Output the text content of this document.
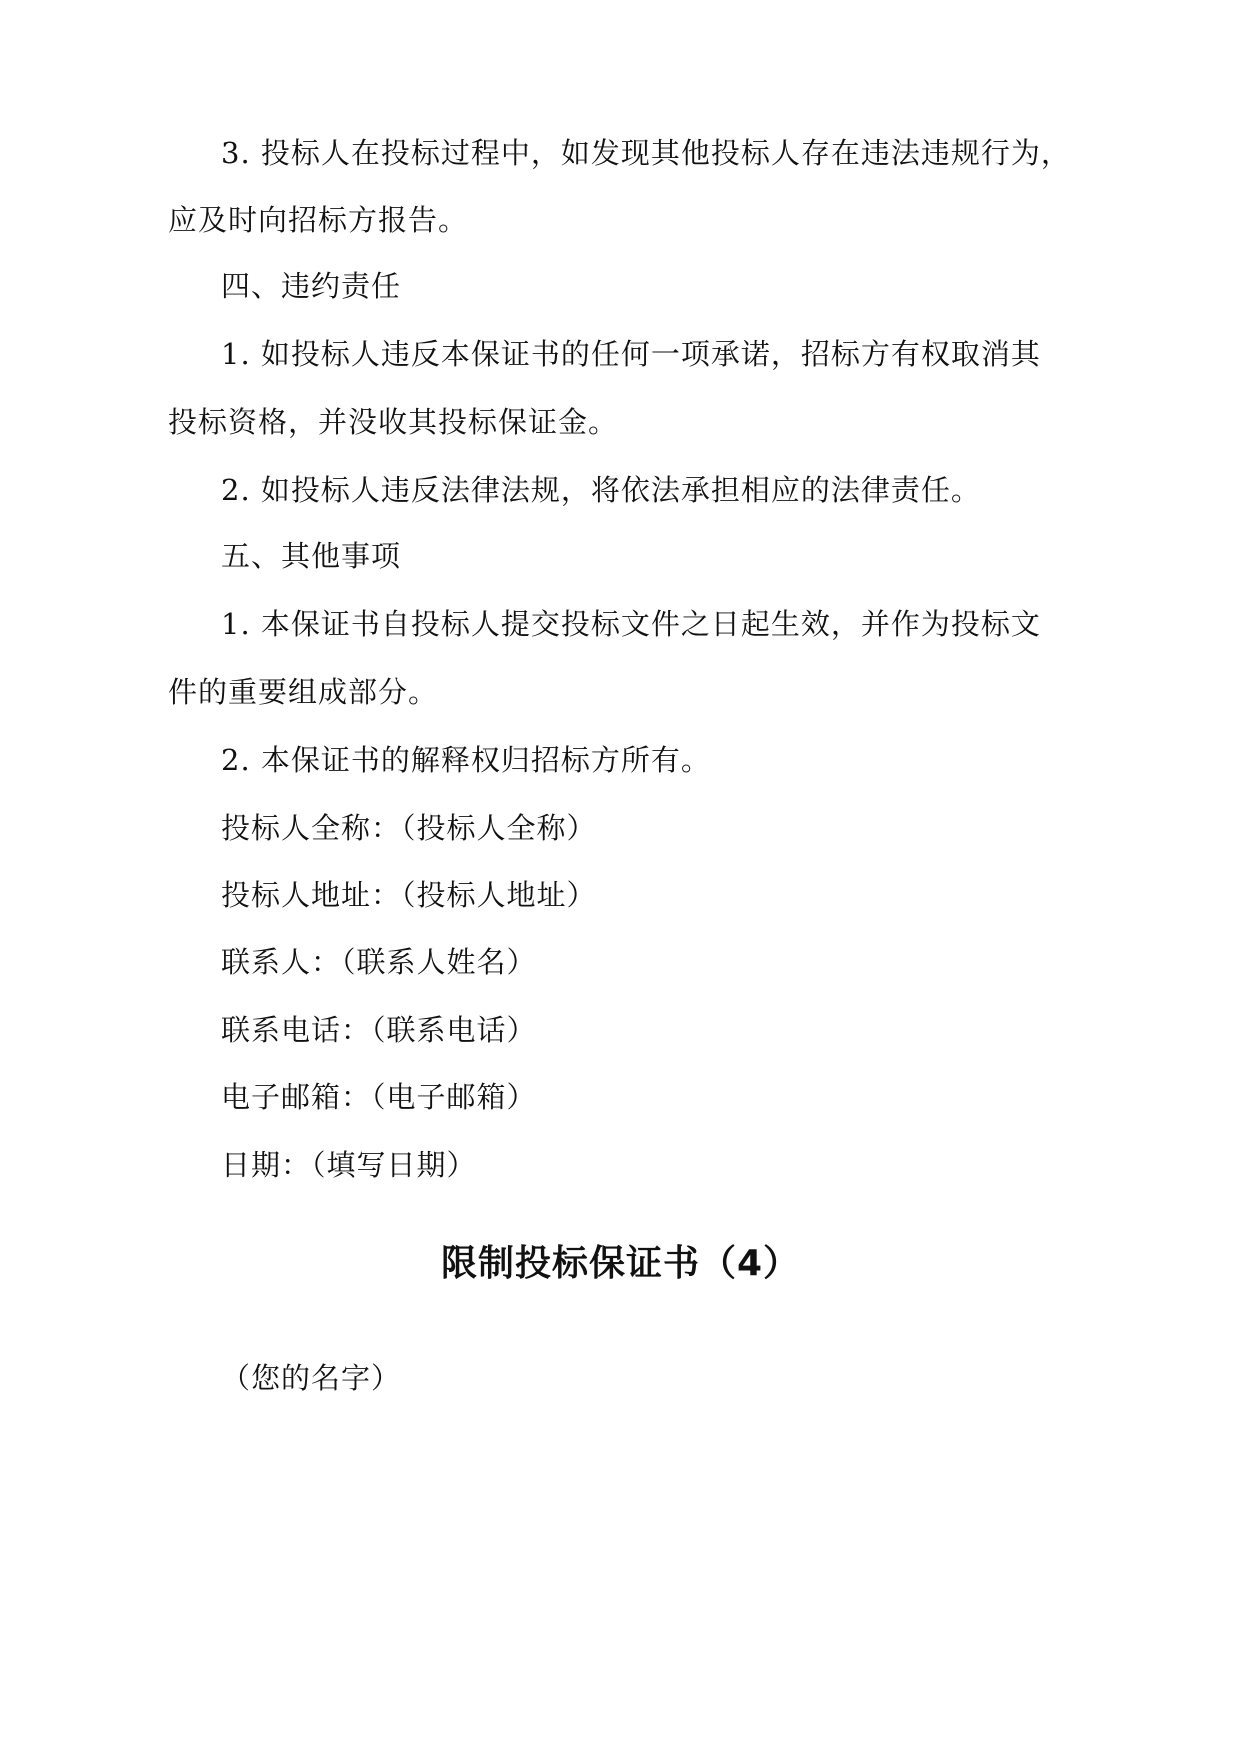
3. 投标人在投标过程中，如发现其他投标人存在违法违规行为，

应及时向招标方报告。

四、违约责任

1. 如投标人违反本保证书的任何一项承诺，招标方有权取消其

投标资格，并没收其投标保证金。

2. 如投标人违反法律法规，将依法承担相应的法律责任。

五、其他事项

1. 本保证书自投标人提交投标文件之日起生效，并作为投标文

件的重要组成部分。

2. 本保证书的解释权归招标方所有。

投标人全称：（投标人全称）

投标人地址：（投标人地址）

联系人：（联系人姓名）

联系电话：（联系电话）

电子邮箱：（电子邮箱）

日期：（填写日期）

限制投标保证书（4）

（您的名字）
